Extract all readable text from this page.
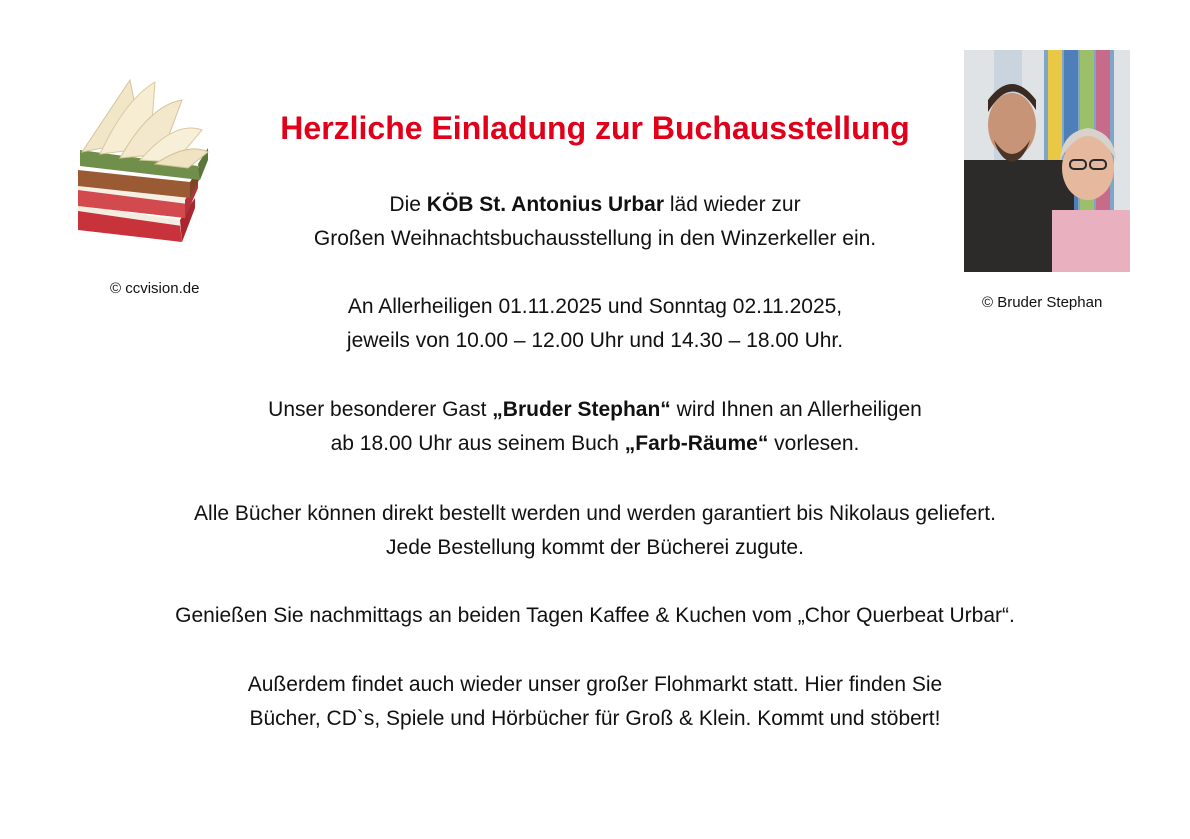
© ccvision.de
© Bruder Stephan
Herzliche Einladung zur Buchausstellung
Die KÖB St. Antonius Urbar läd wieder zur
Großen Weihnachtsbuchausstellung in den Winzerkeller ein.
An Allerheiligen 01.11.2025 und Sonntag 02.11.2025,
jeweils von 10.00 – 12.00 Uhr und 14.30 – 18.00 Uhr.
Unser besonderer Gast „Bruder Stephan“ wird Ihnen an Allerheiligen
ab 18.00 Uhr aus seinem Buch „Farb-Räume“ vorlesen.
Alle Bücher können direkt bestellt werden und werden garantiert bis Nikolaus geliefert.
Jede Bestellung kommt der Bücherei zugute.
Genießen Sie nachmittags an beiden Tagen Kaffee & Kuchen vom „Chor Querbeat Urbar“.
Außerdem findet auch wieder unser großer Flohmarkt statt. Hier finden Sie
Bücher, CD`s, Spiele und Hörbücher für Groß & Klein. Kommt und stöbert!
